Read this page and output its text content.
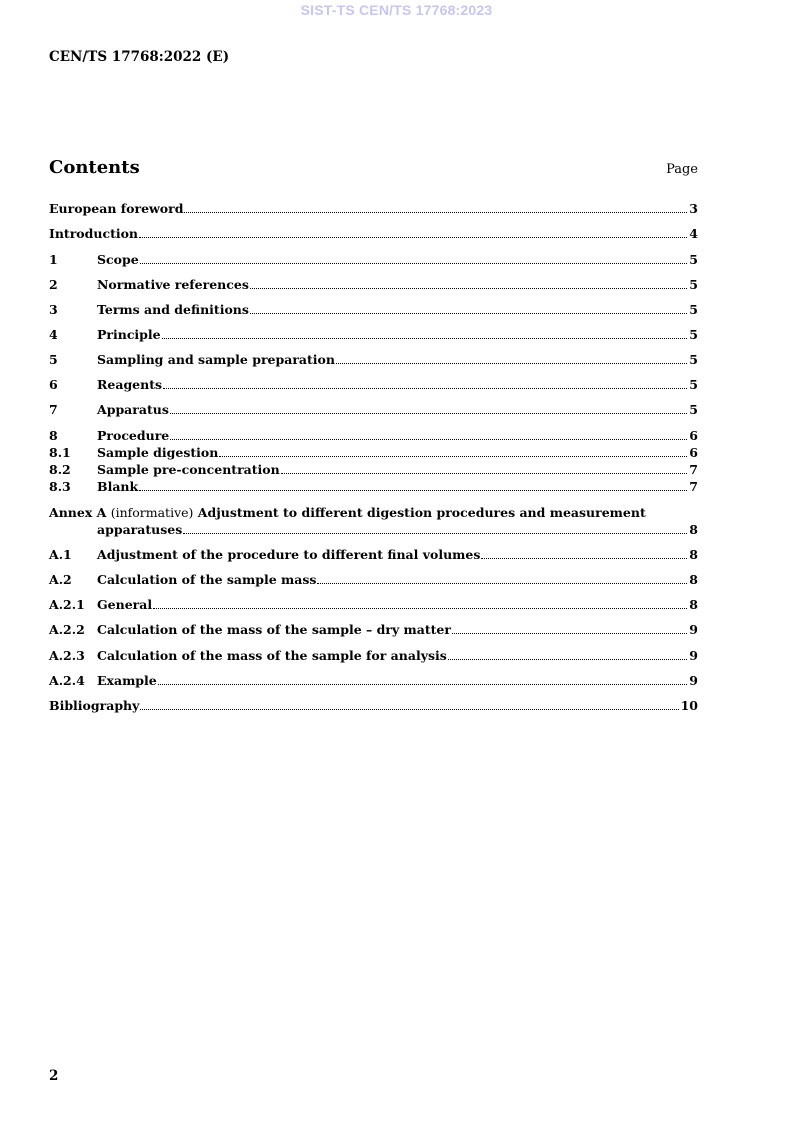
SIST-TS CEN/TS 17768:2023
CEN/TS 17768:2022 (E)
Contents	Page
European foreword	3
Introduction	4
1	Scope	5
2	Normative references	5
3	Terms and definitions	5
4	Principle	5
5	Sampling and sample preparation	5
6	Reagents	5
7	Apparatus	5
8	Procedure	6
8.1	Sample digestion	6
8.2	Sample pre-concentration	7
8.3	Blank	7
Annex A (informative) Adjustment to different digestion procedures and measurement
apparatuses	8
A.1	Adjustment of the procedure to different final volumes	8
A.2	Calculation of the sample mass	8
A.2.1 General	8
A.2.2 Calculation of the mass of the sample – dry matter	9
A.2.3 Calculation of the mass of the sample for analysis	9
A.2.4 Example	9
Bibliography	10
2
